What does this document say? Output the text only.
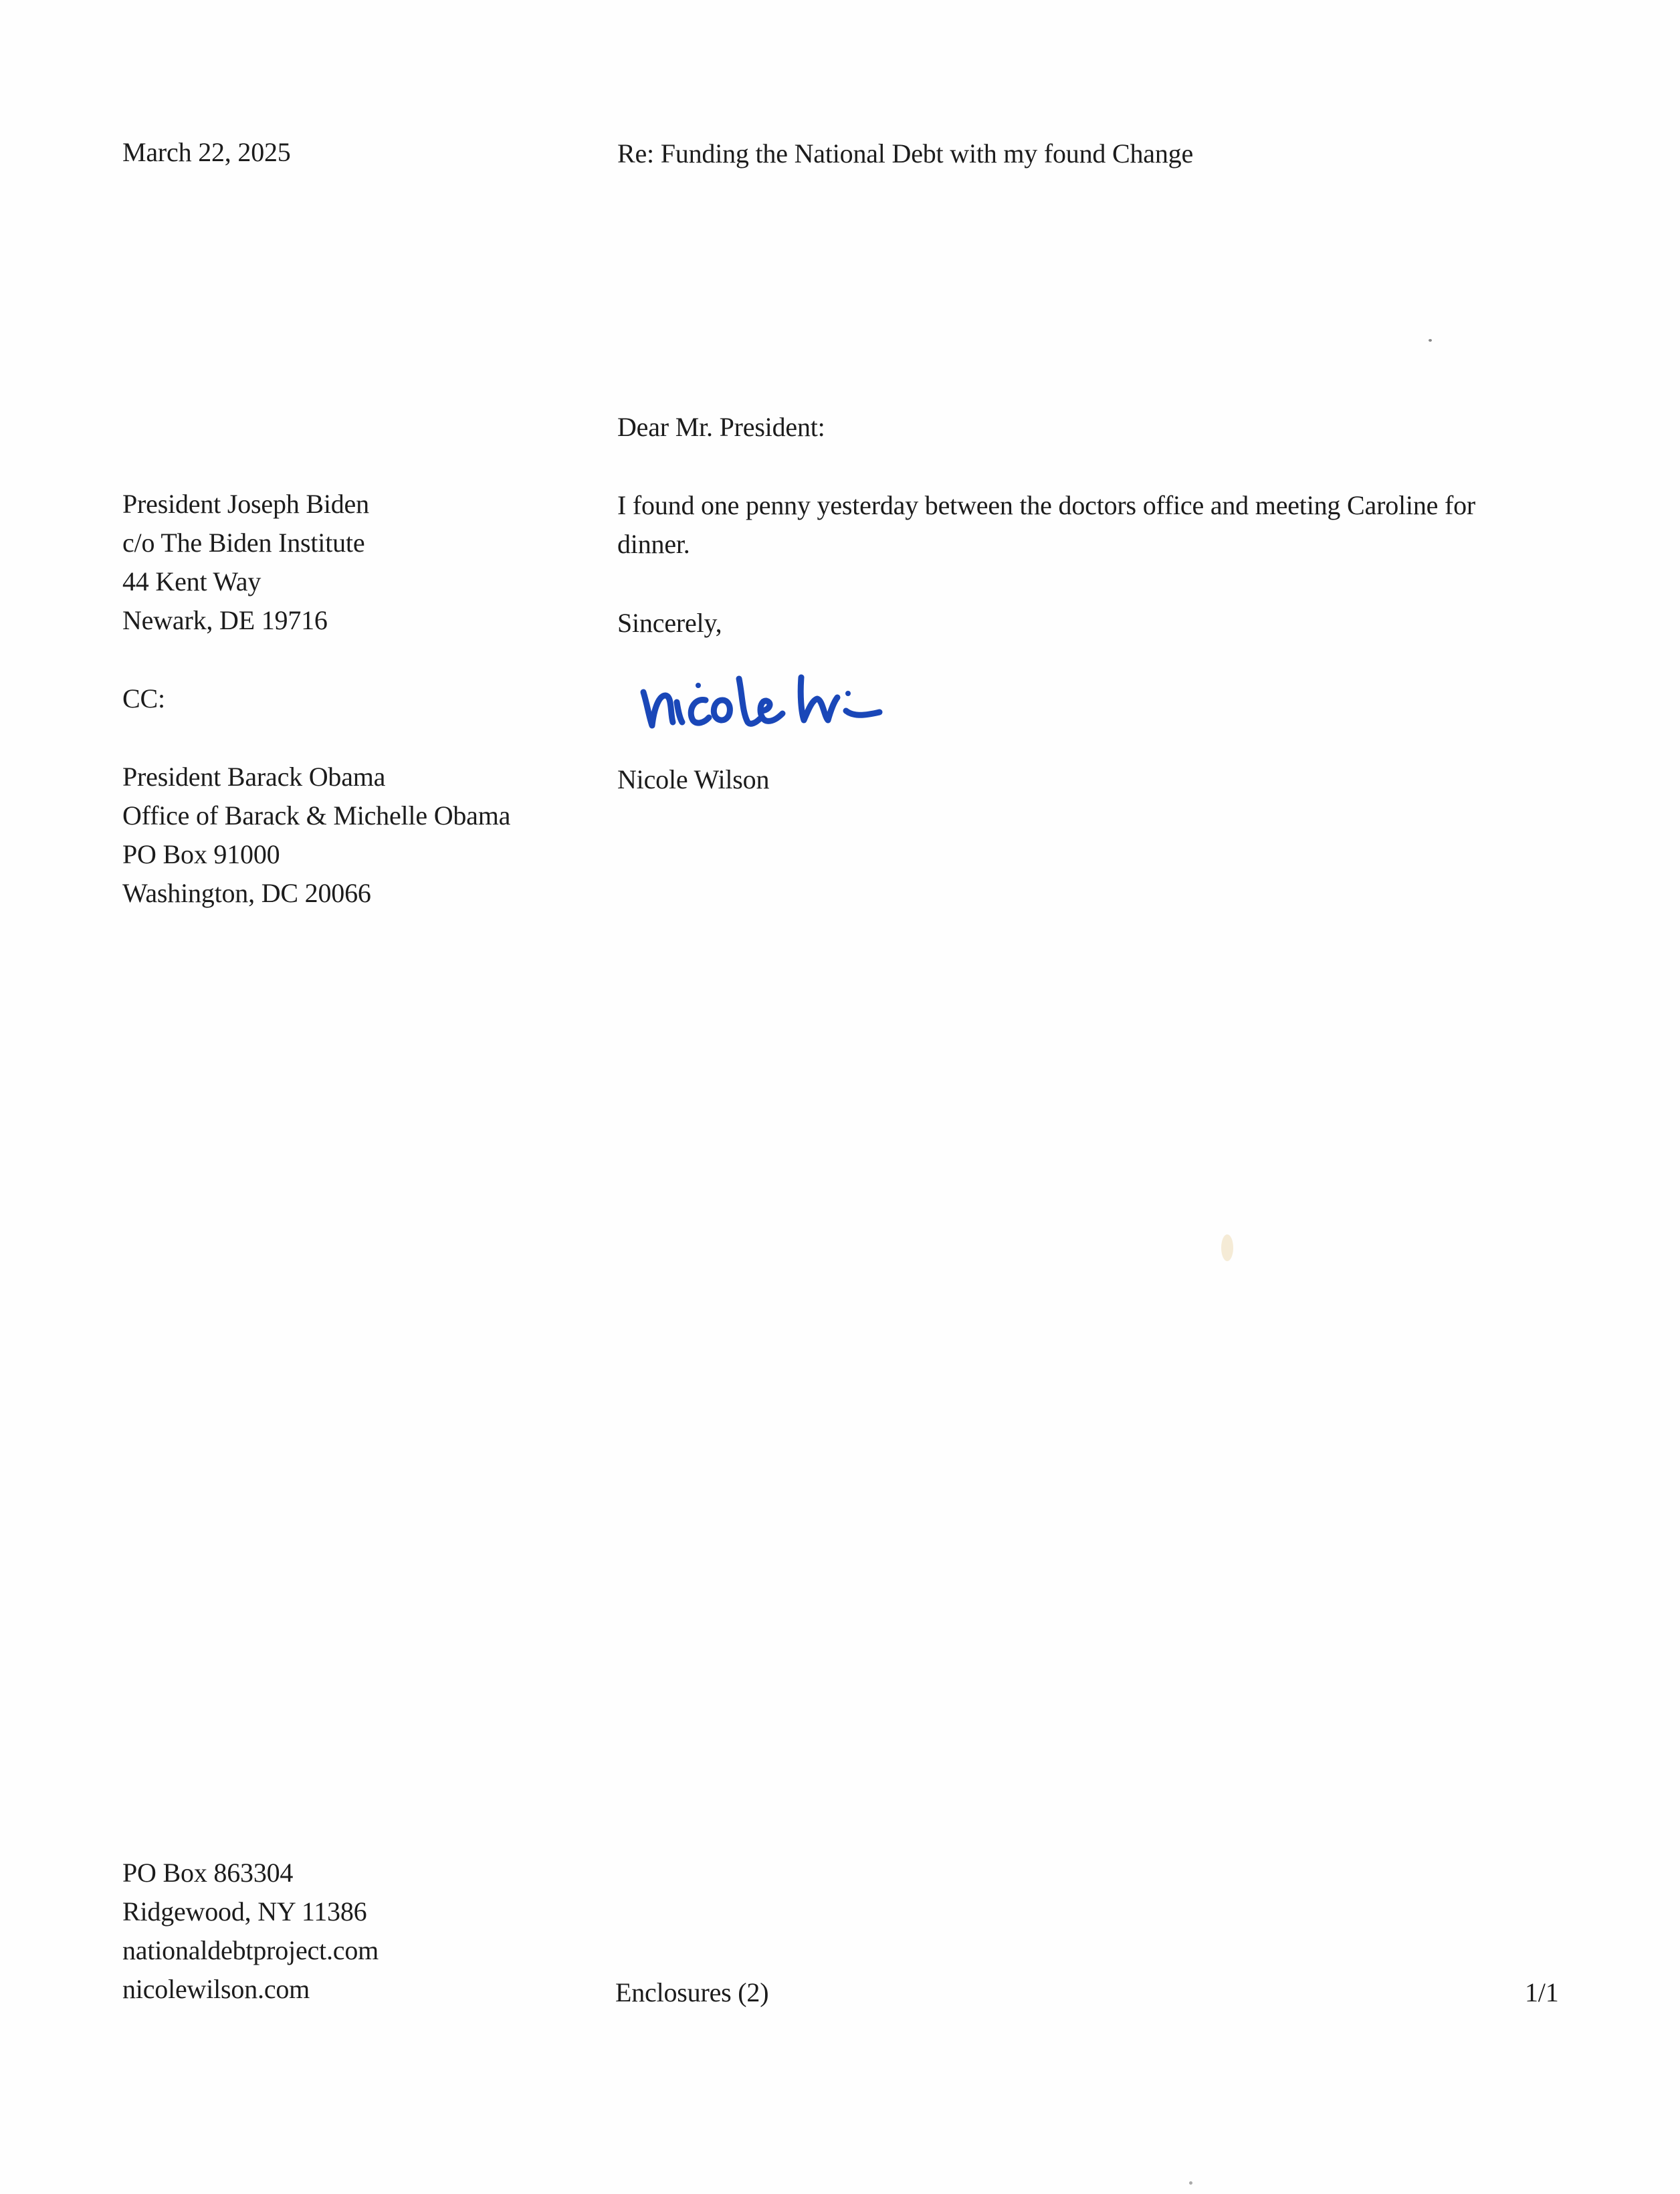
March 22, 2025	Re: Funding the National Debt with my found Change
Dear Mr. President:
President Joseph Biden
c/o The Biden Institute
44 Kent Way
Newark, DE 19716
I found one penny yesterday between the doctors office and meeting Caroline for dinner.
Sincerely,
CC:
Nicole Wilson
President Barack Obama
Office of Barack & Michelle Obama
PO Box 91000
Washington, DC 20066
PO Box 863304
Ridgewood, NY 11386
nationaldebtproject.com
nicolewilson.com	Enclosures (2)	1/1
